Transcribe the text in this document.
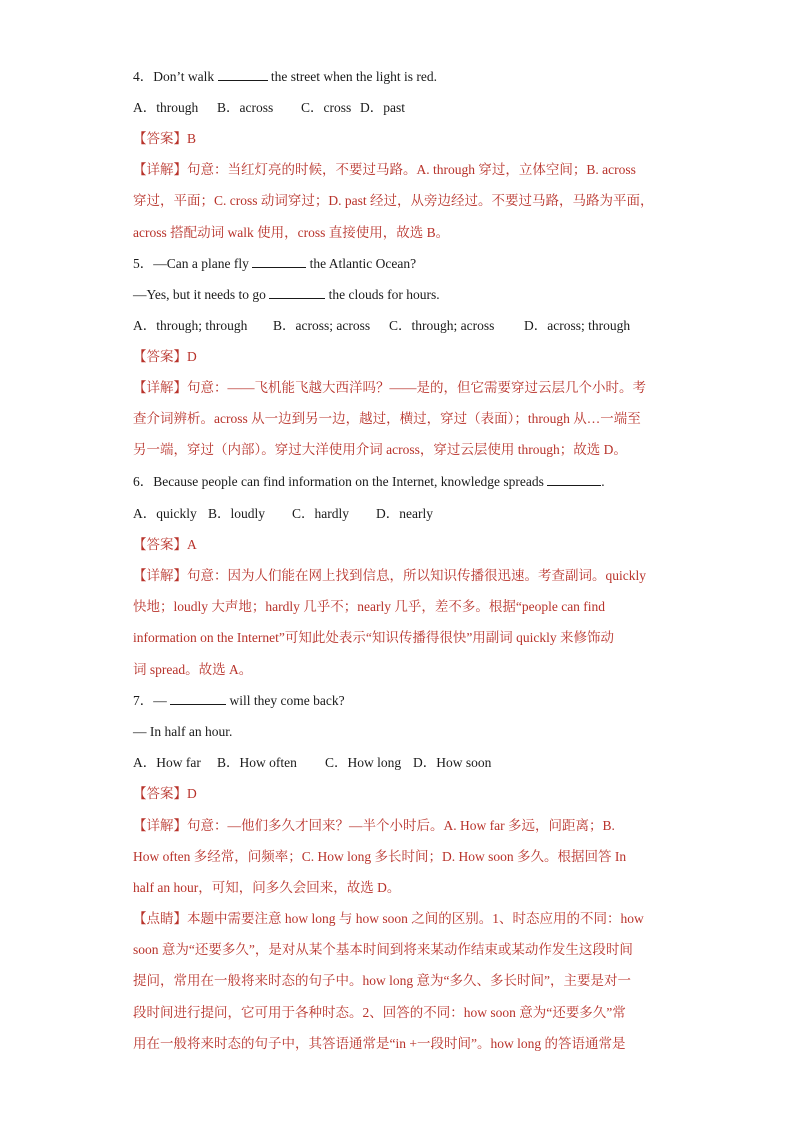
4．Don’t walk	the street when the light is red.
A．through B．across C．cross D．past
【答案】B
【详解】句意：当红灯亮的时候，不要过马路。A. through 穿过，立体空间；B. across
穿过，平面；C. cross 动词穿过；D. past 经过，从旁边经过。不要过马路，马路为平面，
across 搭配动词 walk 使用，cross 直接使用，故选 B。
5．—Can a plane fly	the Atlantic Ocean?
—Yes, but it needs to go	the clouds for hours.
A．through; through B．across; across C．through; across D．across; through
【答案】D
【详解】句意：——飞机能飞越大西洋吗？——是的，但它需要穿过云层几个小时。考
查介词辨析。across 从一边到另一边，越过，横过，穿过（表面）；through 从…一端至
另一端，穿过（内部）。穿过大洋使用介词 across，穿过云层使用 through；故选 D。
6．Because people can find information on the Internet, knowledge spreads	.
A．quickly B．loudly C．hardly D．nearly
【答案】A
【详解】句意：因为人们能在网上找到信息，所以知识传播很迅速。考查副词。quickly
快地；loudly 大声地；hardly 几乎不；nearly 几乎，差不多。根据“people can find
information on the Internet”可知此处表示“知识传播得很快”用副词 quickly 来修饰动
词 spread。故选 A。
7．—	will they come back?
— In half an hour.
A．How far B．How often C．How long D．How soon
【答案】D
【详解】句意：—他们多久才回来？—半个小时后。A. How far 多远，问距离；B.
How often 多经常，问频率；C. How long 多长时间；D. How soon 多久。根据回答 In
half an hour，可知，问多久会回来，故选 D。
【点睛】本题中需要注意 how long 与 how soon 之间的区别。1、时态应用的不同：how
soon 意为“还要多久”，是对从某个基本时间到将来某动作结束或某动作发生这段时间
提问，常用在一般将来时态的句子中。how long 意为“多久、多长时间”，主要是对一
段时间进行提问，它可用于各种时态。2、回答的不同：how soon 意为“还要多久”常
用在一般将来时态的句子中，其答语通常是“in +一段时间”。how long 的答语通常是
